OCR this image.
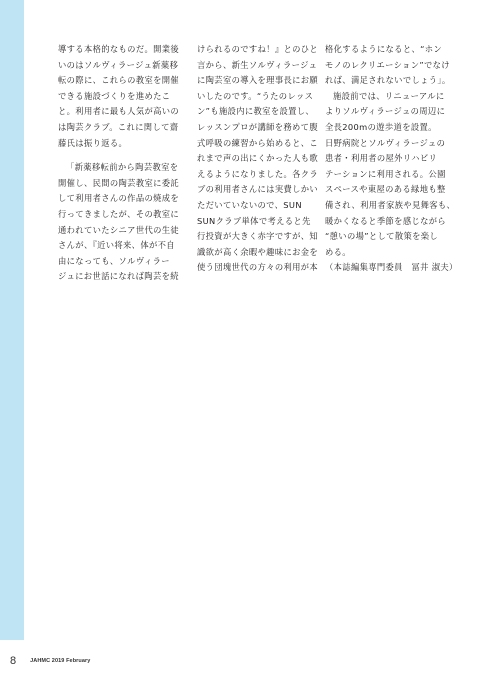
導する本格的なものだ。開業後
いのはソルヴィラージュ新薬移
転の際に、これらの教室を開催
できる施設づくりを進めたこ
と。利用者に最も人気が高いの
は陶芸クラブ。これに関して齋
藤氏は振り返る。
「新薬移転前から陶芸教室を
開催し、民間の陶芸教室に委託
して利用者さんの作品の焼成を
行ってきましたが、その教室に
通われていたシニア世代の生徒
さんが、『近い将来、体が不自
由になっても、ソルヴィラー
ジュにお世話になれば陶芸を続
けられるのですね！』とのひと
言から、新生ソルヴィラージュ
に陶芸室の導入を理事長にお願
いしたのです。“うたのレッス
ン”も施設内に教室を設置し、
レッスンプロが講師を務めて腹
式呼吸の練習から始めると、こ
れまで声の出にくかった人も歌
えるようになりました。各クラ
ブの利用者さんには実費しかい
ただいていないので、SUN
SUNクラブ単体で考えると先
行投資が大きく赤字ですが、知
識欲が高く余暇や趣味にお金を
使う団塊世代の方々の利用が本
格化するようになると、“ホン
モノのレクリエーション”でなけ
れば、満足されないでしょう」。
施設前では、リニューアルに
よりソルヴィラージュの周辺に
全長200mの遊歩道を設置。
日野病院とソルヴィラージュの
患者・利用者の屋外リハビリ
テーションに利用される。公園
スペースや東屋のある緑地も整
備され、利用者家族や見舞客も、
暖かくなると季節を感じながら
“憩いの場”として散策を楽し
める。
（本誌編集専門委員　冨井 淑夫）
8	JAHMC 2019 February
